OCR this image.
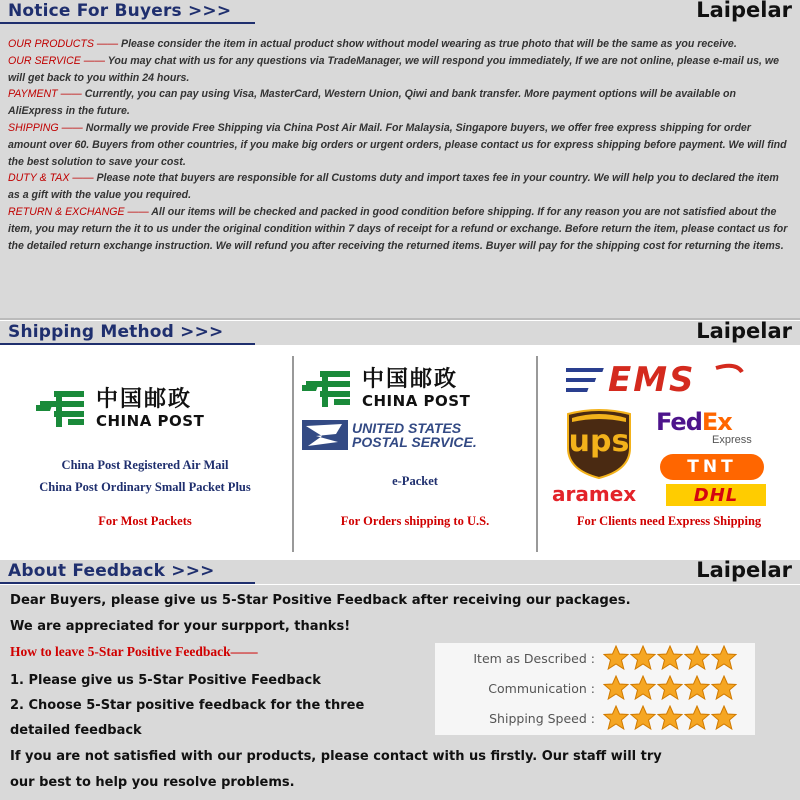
Notice For Buyers >>>	Laipelar
OUR PRODUCTS —— Please consider the item in actual product show without model wearing as true photo that will be the same as you receive.
OUR SERVICE —— You may chat with us for any questions via TradeManager, we will respond you immediately, If we are not online, please e-mail us, we will get back to you within 24 hours.
PAYMENT —— Currently, you can pay using Visa, MasterCard, Western Union, Qiwi and bank transfer. More payment options will be available on AliExpress in the future.
SHIPPING —— Normally we provide Free Shipping via China Post Air Mail. For Malaysia, Singapore buyers, we offer free express shipping for order amount over 60. Buyers from other countries, if you make big orders or urgent orders, please contact us for express shipping before payment. We will find the best solution to save your cost.
DUTY & TAX —— Please note that buyers are responsible for all Customs duty and import taxes fee in your country. We will help you to declared the item as a gift with the value you required.
RETURN & EXCHANGE —— All our items will be checked and packed in good condition before shipping. If for any reason you are not satisfied about the item, you may return the it to us under the original condition within 7 days of receipt for a refund or exchange. Before return the item, please contact us for the detailed return exchange instruction. We will refund you after receiving the returned items. Buyer will pay for the shipping cost for returning the items.
Shipping Method >>>	Laipelar
中国邮政
CHINA POST
China Post Registered Air Mail
China Post Ordinary Small Packet Plus
For Most Packets
中国邮政
CHINA POST
UNITED STATES
POSTAL SERVICE.
e-Packet
For Orders shipping to U.S.
EMS
ups
FedEx
Express
TNT
aramex	DHL
For Clients need Express Shipping
About Feedback >>>	Laipelar
Dear Buyers, please give us 5-Star Positive Feedback after receiving our packages.
We are appreciated for your surpport, thanks!
How to leave 5-Star Positive Feedback——
1. Please give us 5-Star Positive Feedback
2. Choose 5-Star positive feedback for the three
detailed feedback
If you are not satisfied with our products, please contact with us firstly. Our staff will try
our best to help you resolve problems.
Item as Described :
Communication :
Shipping Speed :
